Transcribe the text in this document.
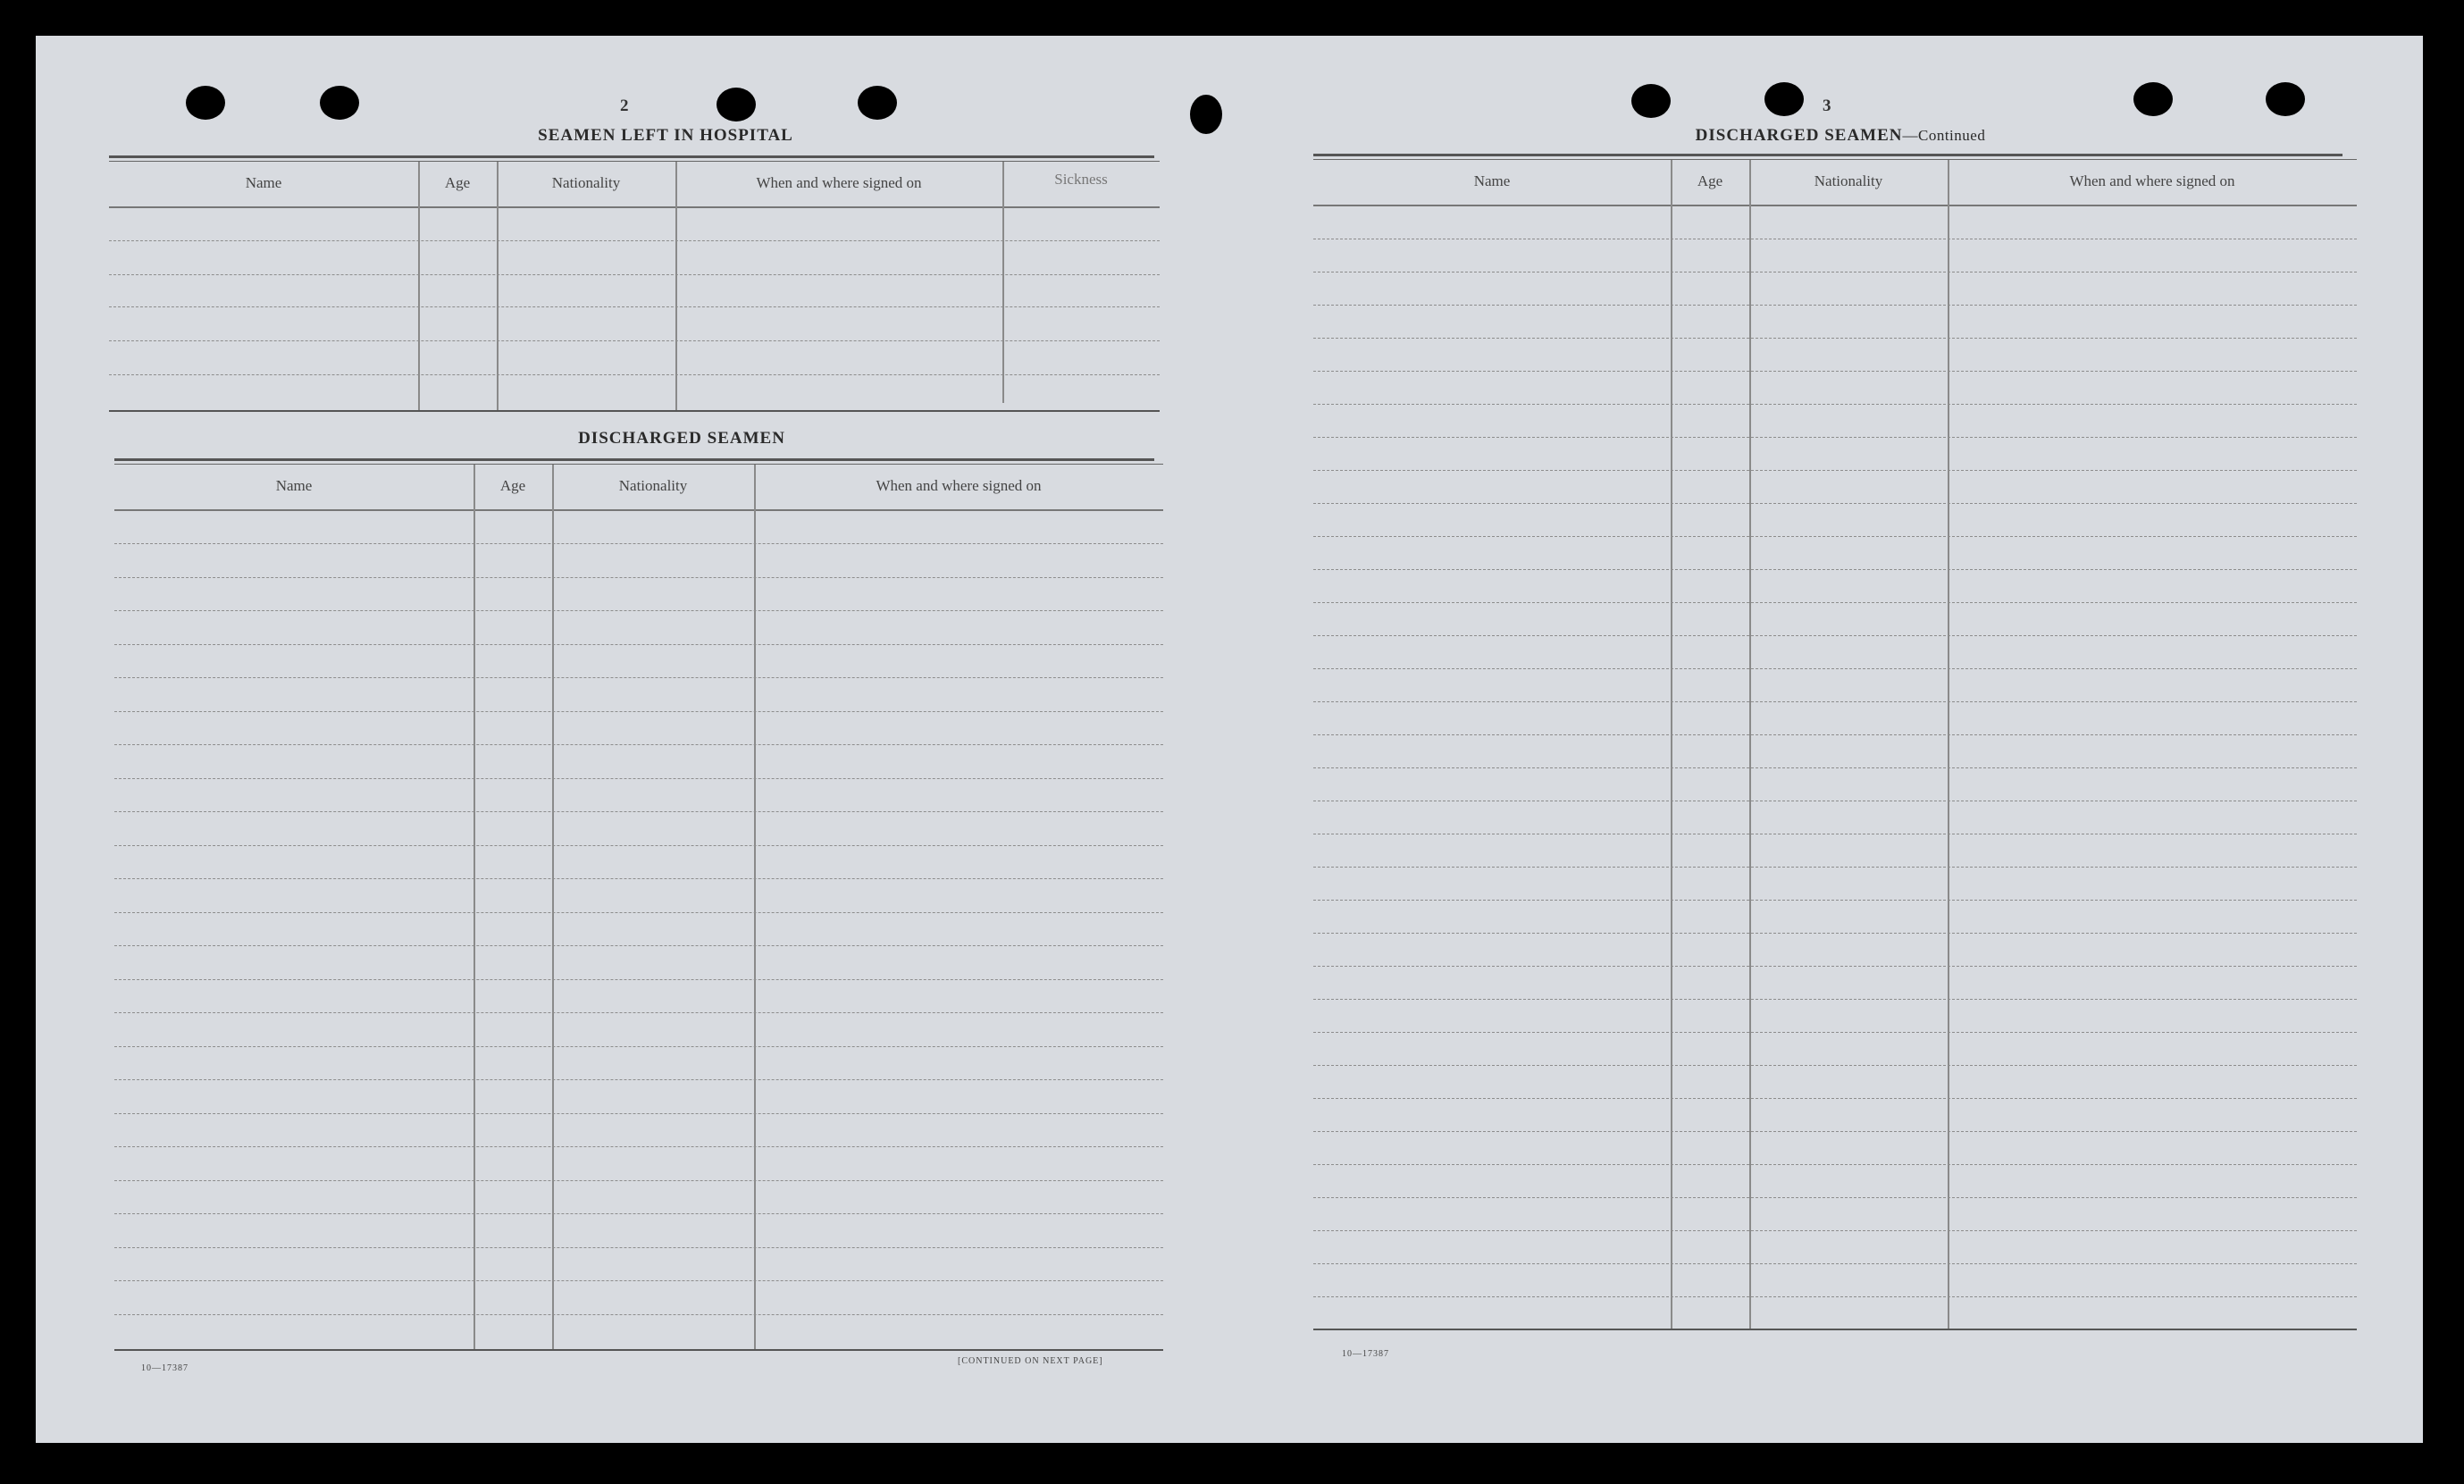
2
SEAMEN LEFT IN HOSPITAL
Name	Age	Nationality	When and where signed on	Sickness
DISCHARGED SEAMEN
Name	Age	Nationality	When and where signed on
10—17387
[CONTINUED ON NEXT PAGE]
3
DISCHARGED SEAMEN—Continued
Name	Age	Nationality	When and where signed on
10—17387
